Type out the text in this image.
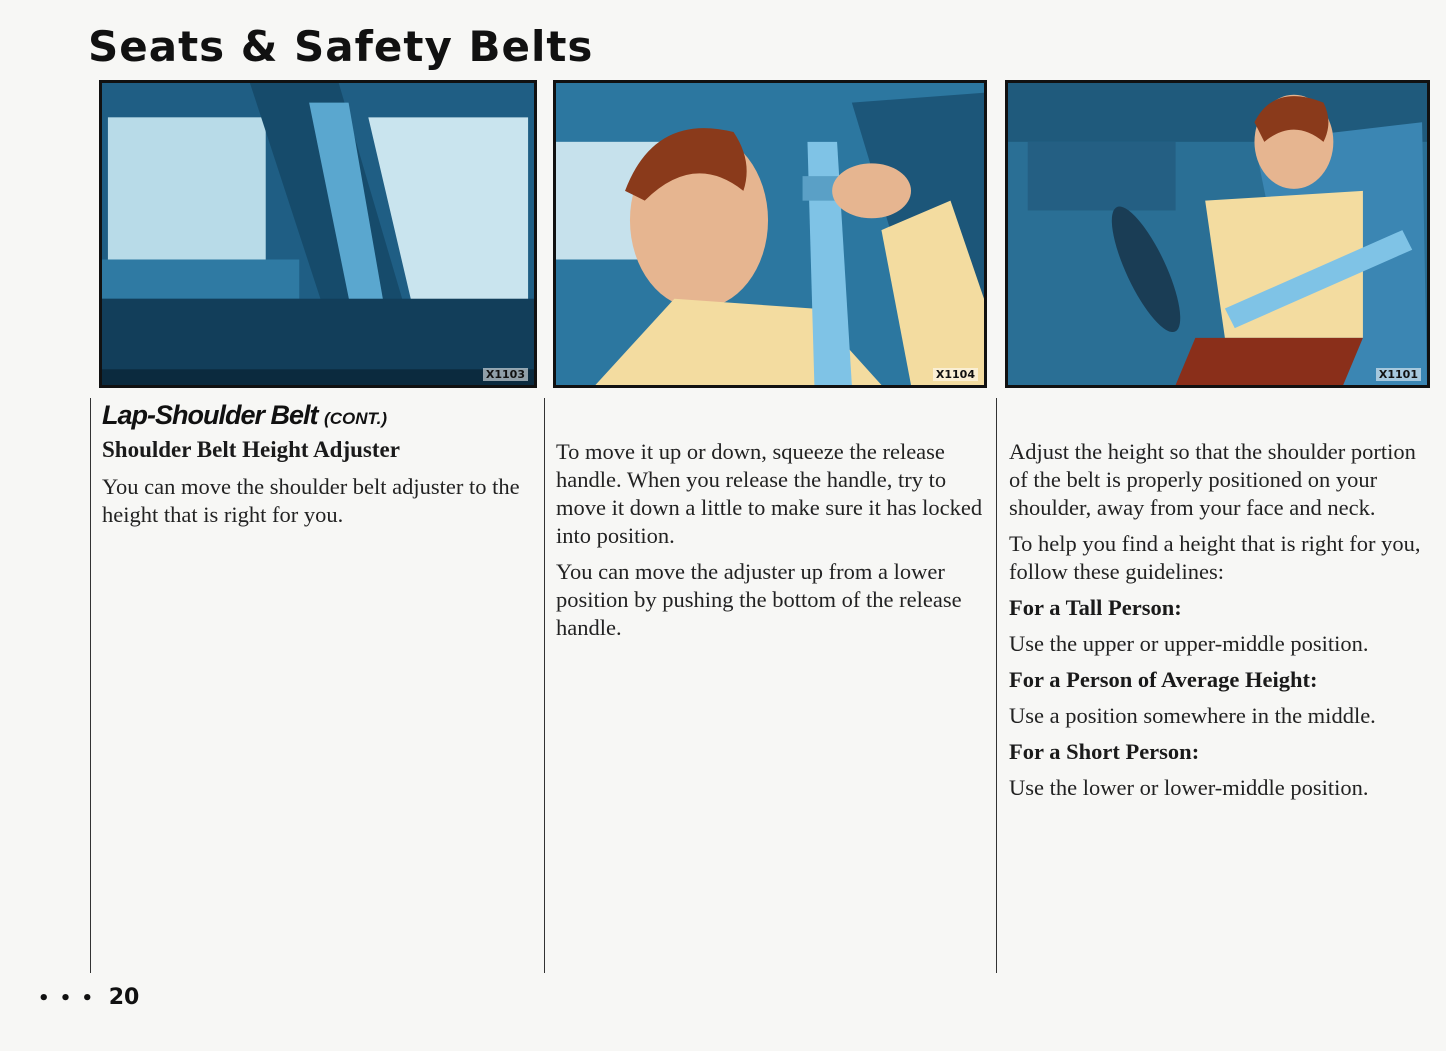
Seats & Safety Belts
X1103	X1104	X1101
Lap-Shoulder Belt (CONT.)
Shoulder Belt Height Adjuster

You can move the shoulder belt adjuster to the height that is right for you.

To move it up or down, squeeze the release handle. When you release the handle, try to move it down a little to make sure it has locked into position.

You can move the adjuster up from a lower position by pushing the bottom of the release handle.

Adjust the height so that the shoulder portion of the belt is properly positioned on your shoulder, away from your face and neck.

To help you find a height that is right for you, follow these guidelines:

For a Tall Person:

Use the upper or upper-middle position.

For a Person of Average Height:

Use a position somewhere in the middle.

For a Short Person:

Use the lower or lower-middle position.

• • • 20
